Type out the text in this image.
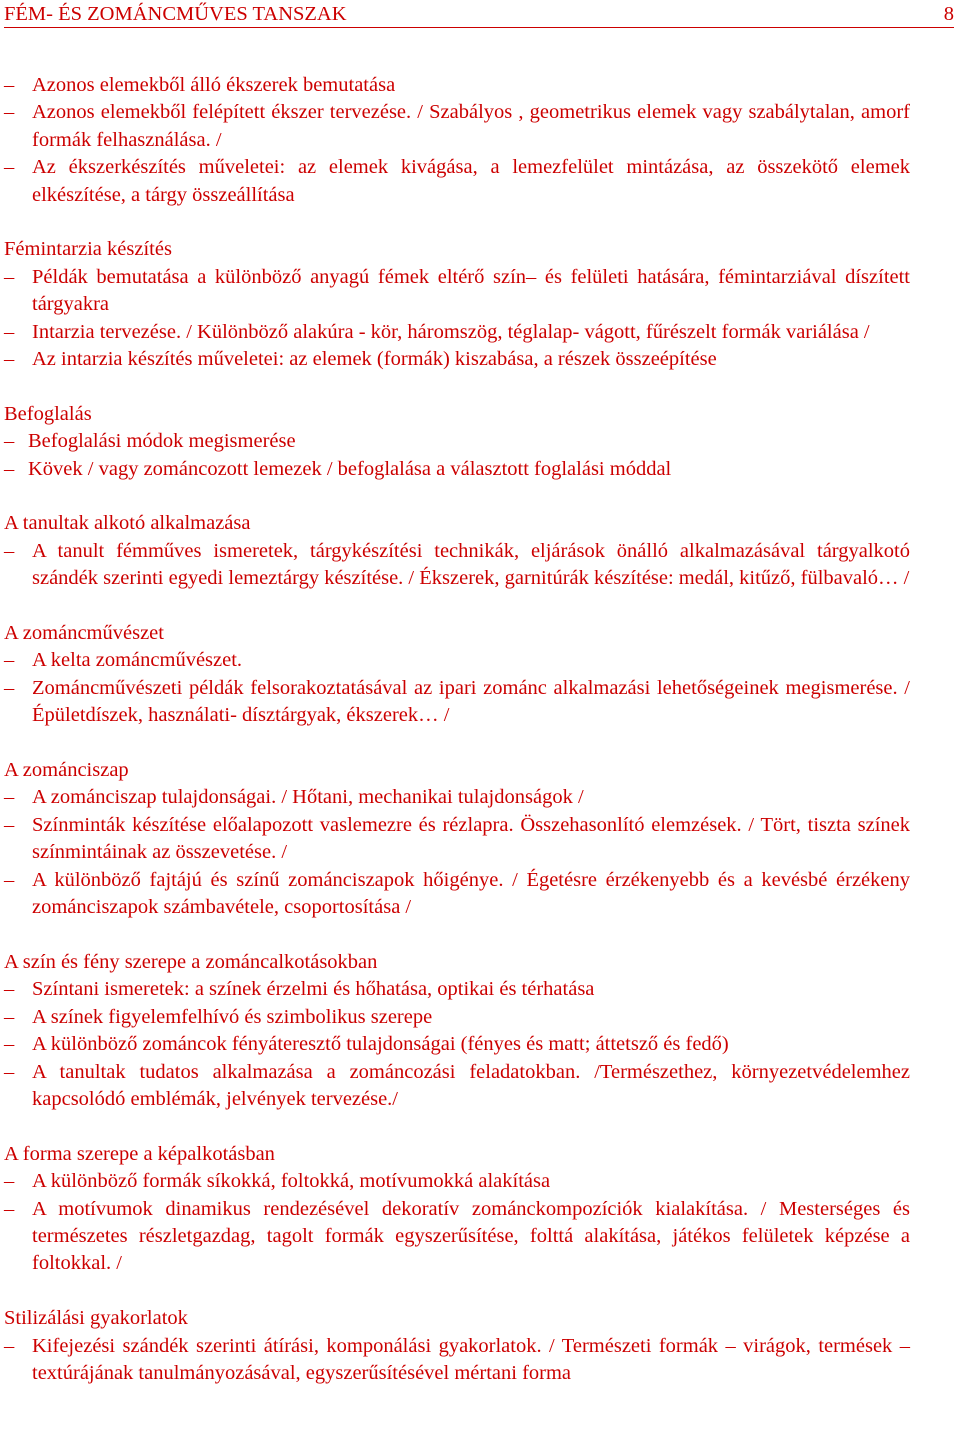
FÉM- ÉS ZOMÁNCMŰVES TANSZAK	8
– Azonos elemekből álló ékszerek bemutatása
– Azonos elemekből felépített ékszer tervezése. / Szabályos , geometrikus elemek vagy szabálytalan, amorf formák felhasználása. /
– Az ékszerkészítés műveletei: az elemek kivágása, a lemezfelület mintázása, az összekötő elemek elkészítése, a tárgy összeállítása
Fémintarzia készítés
– Példák bemutatása a különböző anyagú fémek eltérő szín– és felületi hatására, fémintarziával díszített tárgyakra
– Intarzia tervezése. / Különböző alakúra - kör, háromszög, téglalap- vágott, fűrészelt formák variálása /
– Az intarzia készítés műveletei: az elemek (formák) kiszabása, a részek összeépítése
Befoglalás
– Befoglalási módok megismerése
– Kövek / vagy zománcozott lemezek / befoglalása a választott foglalási móddal
A tanultak alkotó alkalmazása
– A tanult fémműves ismeretek, tárgykészítési technikák, eljárások önálló alkalmazásával tárgyalkotó szándék szerinti egyedi lemeztárgy készítése. / Ékszerek, garnitúrák készítése: medál, kitűző, fülbavaló… /
A zománcművészet
– A kelta zománcművészet.
– Zománcművészeti példák felsorakoztatásával az ipari zománc alkalmazási lehetőségeinek megismerése. / Épületdíszek, használati- dísztárgyak, ékszerek… /
A zománciszap
– A zománciszap tulajdonságai. / Hőtani, mechanikai tulajdonságok /
– Színminták készítése előalapozott vaslemezre és rézlapra. Összehasonlító elemzések. / Tört, tiszta színek színmintáinak az összevetése. /
– A különböző fajtájú és színű zománciszapok hőigénye. / Égetésre érzékenyebb és a kevésbé érzékeny zománciszapok számbavétele, csoportosítása /
A szín és fény szerepe a zománcalkotásokban
– Színtani ismeretek: a színek érzelmi és hőhatása, optikai és térhatása
– A színek figyelemfelhívó és szimbolikus szerepe
– A különböző zománcok fényáteresztő tulajdonságai (fényes és matt; áttetsző és fedő)
– A tanultak tudatos alkalmazása a zománcozási feladatokban. /Természethez, környezetvédelemhez kapcsolódó emblémák, jelvények tervezése./
A forma szerepe a képalkotásban
– A különböző formák síkokká, foltokká, motívumokká alakítása
– A motívumok dinamikus rendezésével dekoratív zománckompozíciók kialakítása. / Mesterséges és természetes részletgazdag, tagolt formák egyszerűsítése, folttá alakítása, játékos felületek képzése a foltokkal. /
Stilizálási gyakorlatok
– Kifejezési szándék szerinti átírási, komponálási gyakorlatok. / Természeti formák – virágok, termések – textúrájának tanulmányozásával, egyszerűsítésével mértani forma
